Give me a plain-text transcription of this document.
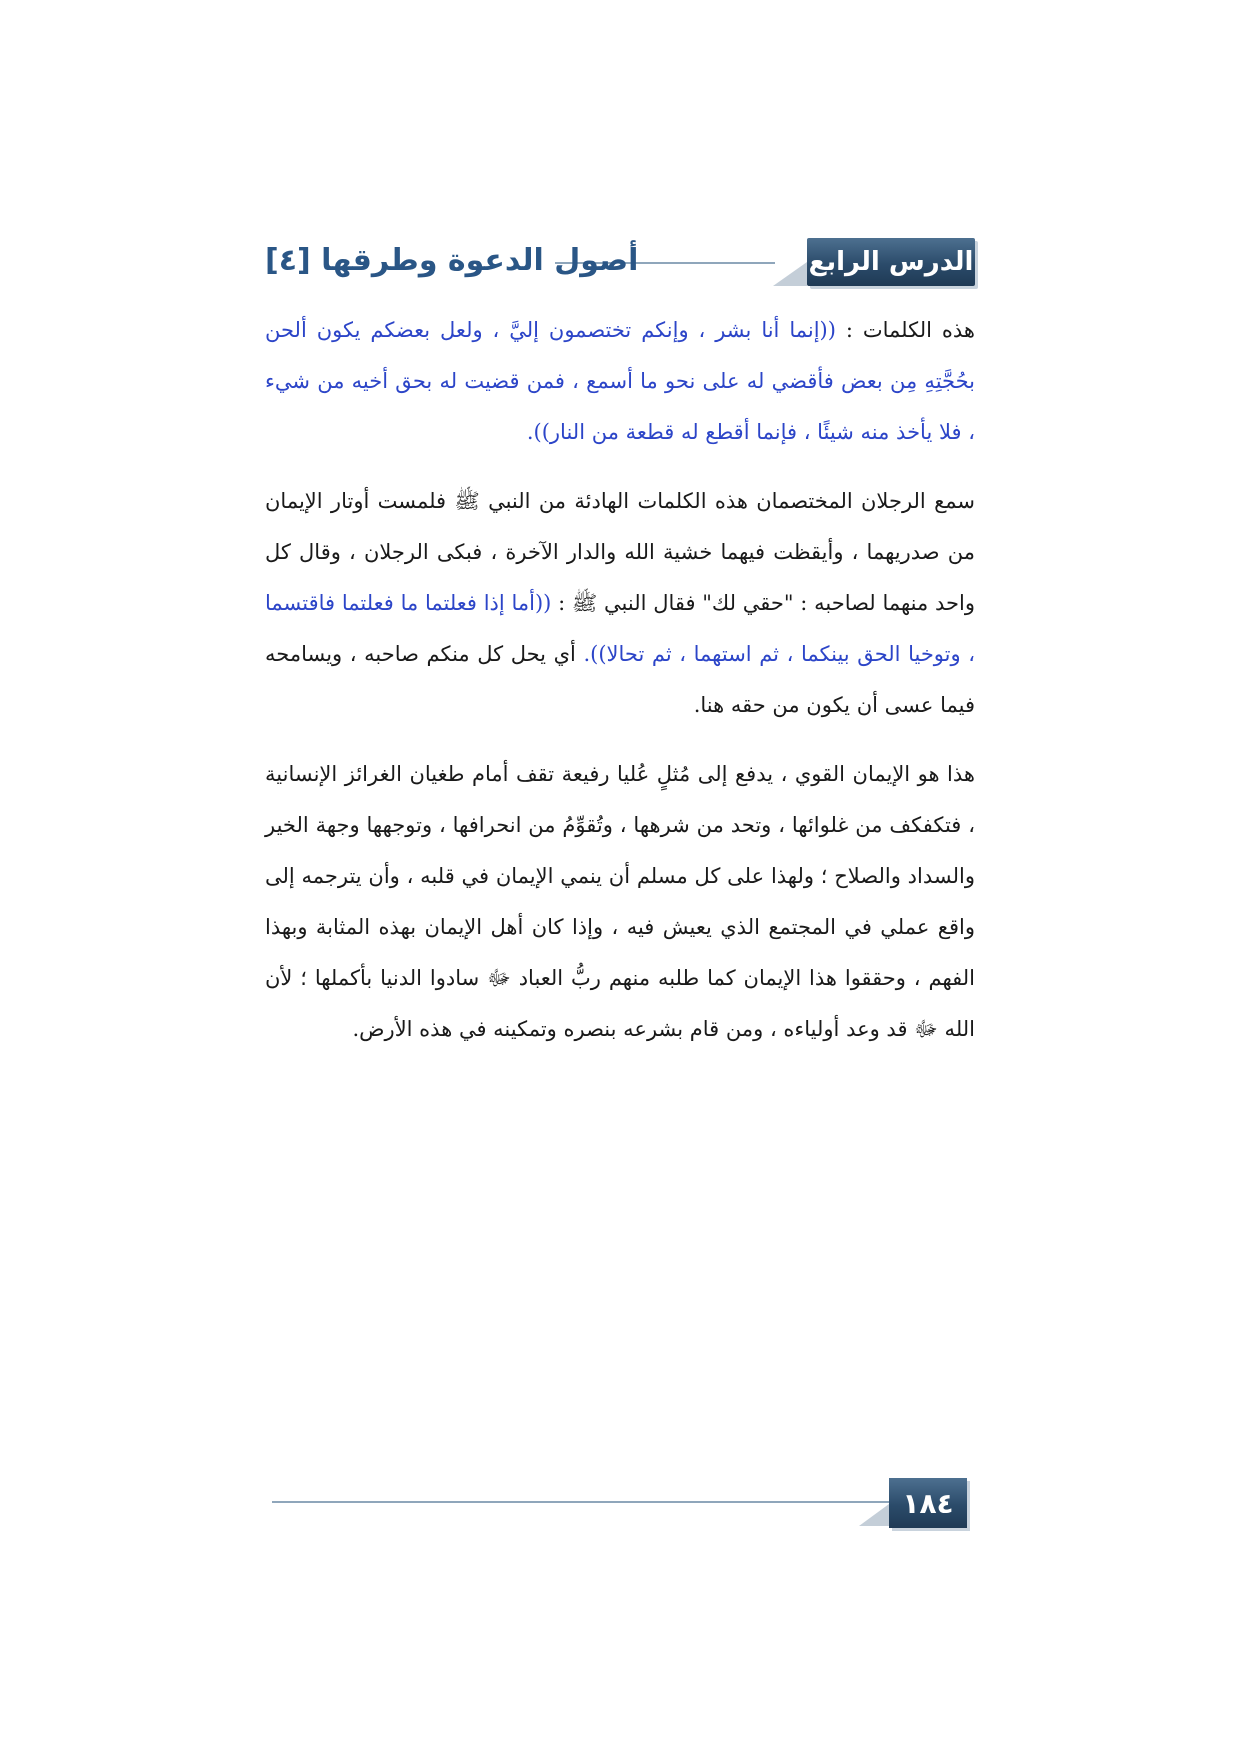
الدرس الرابع
أصول الدعوة وطرقها [٤]

هذه الكلمات : ((إنما أنا بشر ، وإنكم تختصمون إليَّ ، ولعل بعضكم يكون ألحن بحُجَّتِهِ مِن بعض فأقضي له على نحو ما أسمع ، فمن قضيت له بحق أخيه من شيء ، فلا يأخذ منه شيئًا ، فإنما أقطع له قطعة من النار)).

سمع الرجلان المختصمان هذه الكلمات الهادئة من النبي ﷺ فلمست أوتار الإيمان من صدريهما ، وأيقظت فيهما خشية الله والدار الآخرة ، فبكى الرجلان ، وقال كل واحد منهما لصاحبه : "حقي لك" فقال النبي ﷺ : ((أما إذا فعلتما ما فعلتما فاقتسما ، وتوخيا الحق بينكما ، ثم استهما ، ثم تحالا)). أي يحل كل منكم صاحبه ، ويسامحه فيما عسى أن يكون من حقه هنا.

هذا هو الإيمان القوي ، يدفع إلى مُثلٍ عُليا رفيعة تقف أمام طغيان الغرائز الإنسانية ، فتكفكف من غلوائها ، وتحد من شرهها ، وتُقوِّمُ من انحرافها ، وتوجهها وجهة الخير والسداد والصلاح ؛ ولهذا على كل مسلم أن ينمي الإيمان في قلبه ، وأن يترجمه إلى واقع عملي في المجتمع الذي يعيش فيه ، وإذا كان أهل الإيمان بهذه المثابة وبهذا الفهم ، وحققوا هذا الإيمان كما طلبه منهم ربُّ العباد ﷻ سادوا الدنيا بأكملها ؛ لأن الله ﷻ قد وعد أولياءه ، ومن قام بشرعه بنصره وتمكينه في هذه الأرض.

١٨٤
